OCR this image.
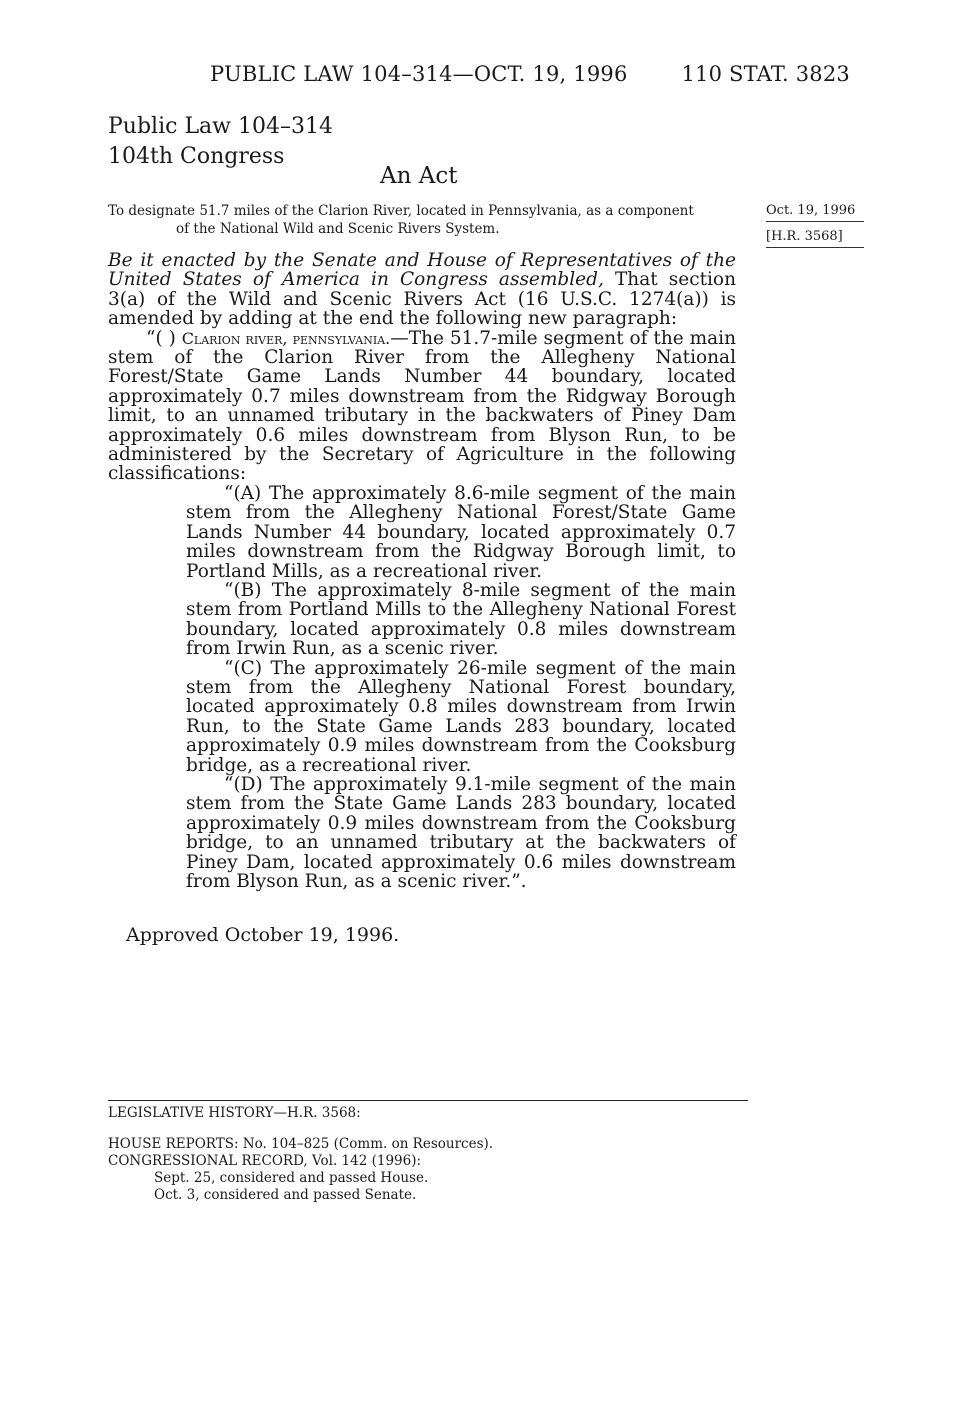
PUBLIC LAW 104–314—OCT. 19, 1996	110 STAT. 3823
Public Law 104–314
104th Congress
An Act
To designate 51.7 miles of the Clarion River, located in Pennsylvania, as a component
of the National Wild and Scenic Rivers System.
Oct. 19, 1996
[H.R. 3568]

Be it enacted by the Senate and House of Representatives of the United States of America in Congress assembled, That section 3(a) of the Wild and Scenic Rivers Act (16 U.S.C. 1274(a)) is amended by adding at the end the following new paragraph:

“( ) Clarion river, pennsylvania.—The 51.7-mile segment of the main stem of the Clarion River from the Allegheny National Forest/State Game Lands Number 44 boundary, located approximately 0.7 miles downstream from the Ridgway Borough limit, to an unnamed tributary in the backwaters of Piney Dam approximately 0.6 miles downstream from Blyson Run, to be administered by the Secretary of Agriculture in the following classifications:

“(A) The approximately 8.6-mile segment of the main stem from the Allegheny National Forest/State Game Lands Number 44 boundary, located approximately 0.7 miles downstream from the Ridgway Borough limit, to Portland Mills, as a recreational river.

“(B) The approximately 8-mile segment of the main stem from Portland Mills to the Allegheny National Forest boundary, located approximately 0.8 miles downstream from Irwin Run, as a scenic river.

“(C) The approximately 26-mile segment of the main stem from the Allegheny National Forest boundary, located approximately 0.8 miles downstream from Irwin Run, to the State Game Lands 283 boundary, located approximately 0.9 miles downstream from the Cooksburg bridge, as a recreational river.

“(D) The approximately 9.1-mile segment of the main stem from the State Game Lands 283 boundary, located approximately 0.9 miles downstream from the Cooksburg bridge, to an unnamed tributary at the backwaters of Piney Dam, located approximately 0.6 miles downstream from Blyson Run, as a scenic river.”.

Approved October 19, 1996.
LEGISLATIVE HISTORY—H.R. 3568:
HOUSE REPORTS: No. 104–825 (Comm. on Resources).
CONGRESSIONAL RECORD, Vol. 142 (1996):
Sept. 25, considered and passed House.
Oct. 3, considered and passed Senate.
